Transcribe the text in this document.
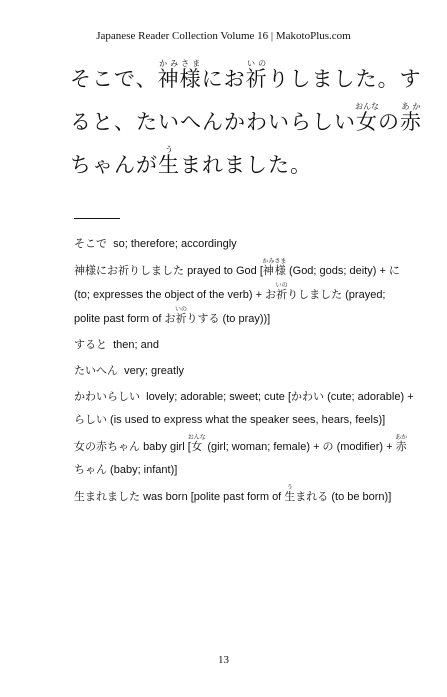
Japanese Reader Collection Volume 16 | MakotoPlus.com

そこで、神様かみさまにお祈いのりしました。すると、たいへんかわいらしい女おんなの赤あかちゃんが生うまれました。

そこで so; therefore; accordingly
神様にお祈りしました prayed to God [神様かみさま (God; gods; deity) + に (to; expresses the object of the verb) + お祈いのりしました (prayed; polite past form of お祈いのりする (to pray))]
すると then; and
たいへん very; greatly
かわいらしい lovely; adorable; sweet; cute [かわい (cute; adorable) + らしい (is used to express what the speaker sees, hears, feels)]
女の赤ちゃん baby girl [女おんな (girl; woman; female) + の (modifier) + 赤あかちゃん (baby; infant)]
生まれました was born [polite past form of 生うまれる (to be born)]
13
